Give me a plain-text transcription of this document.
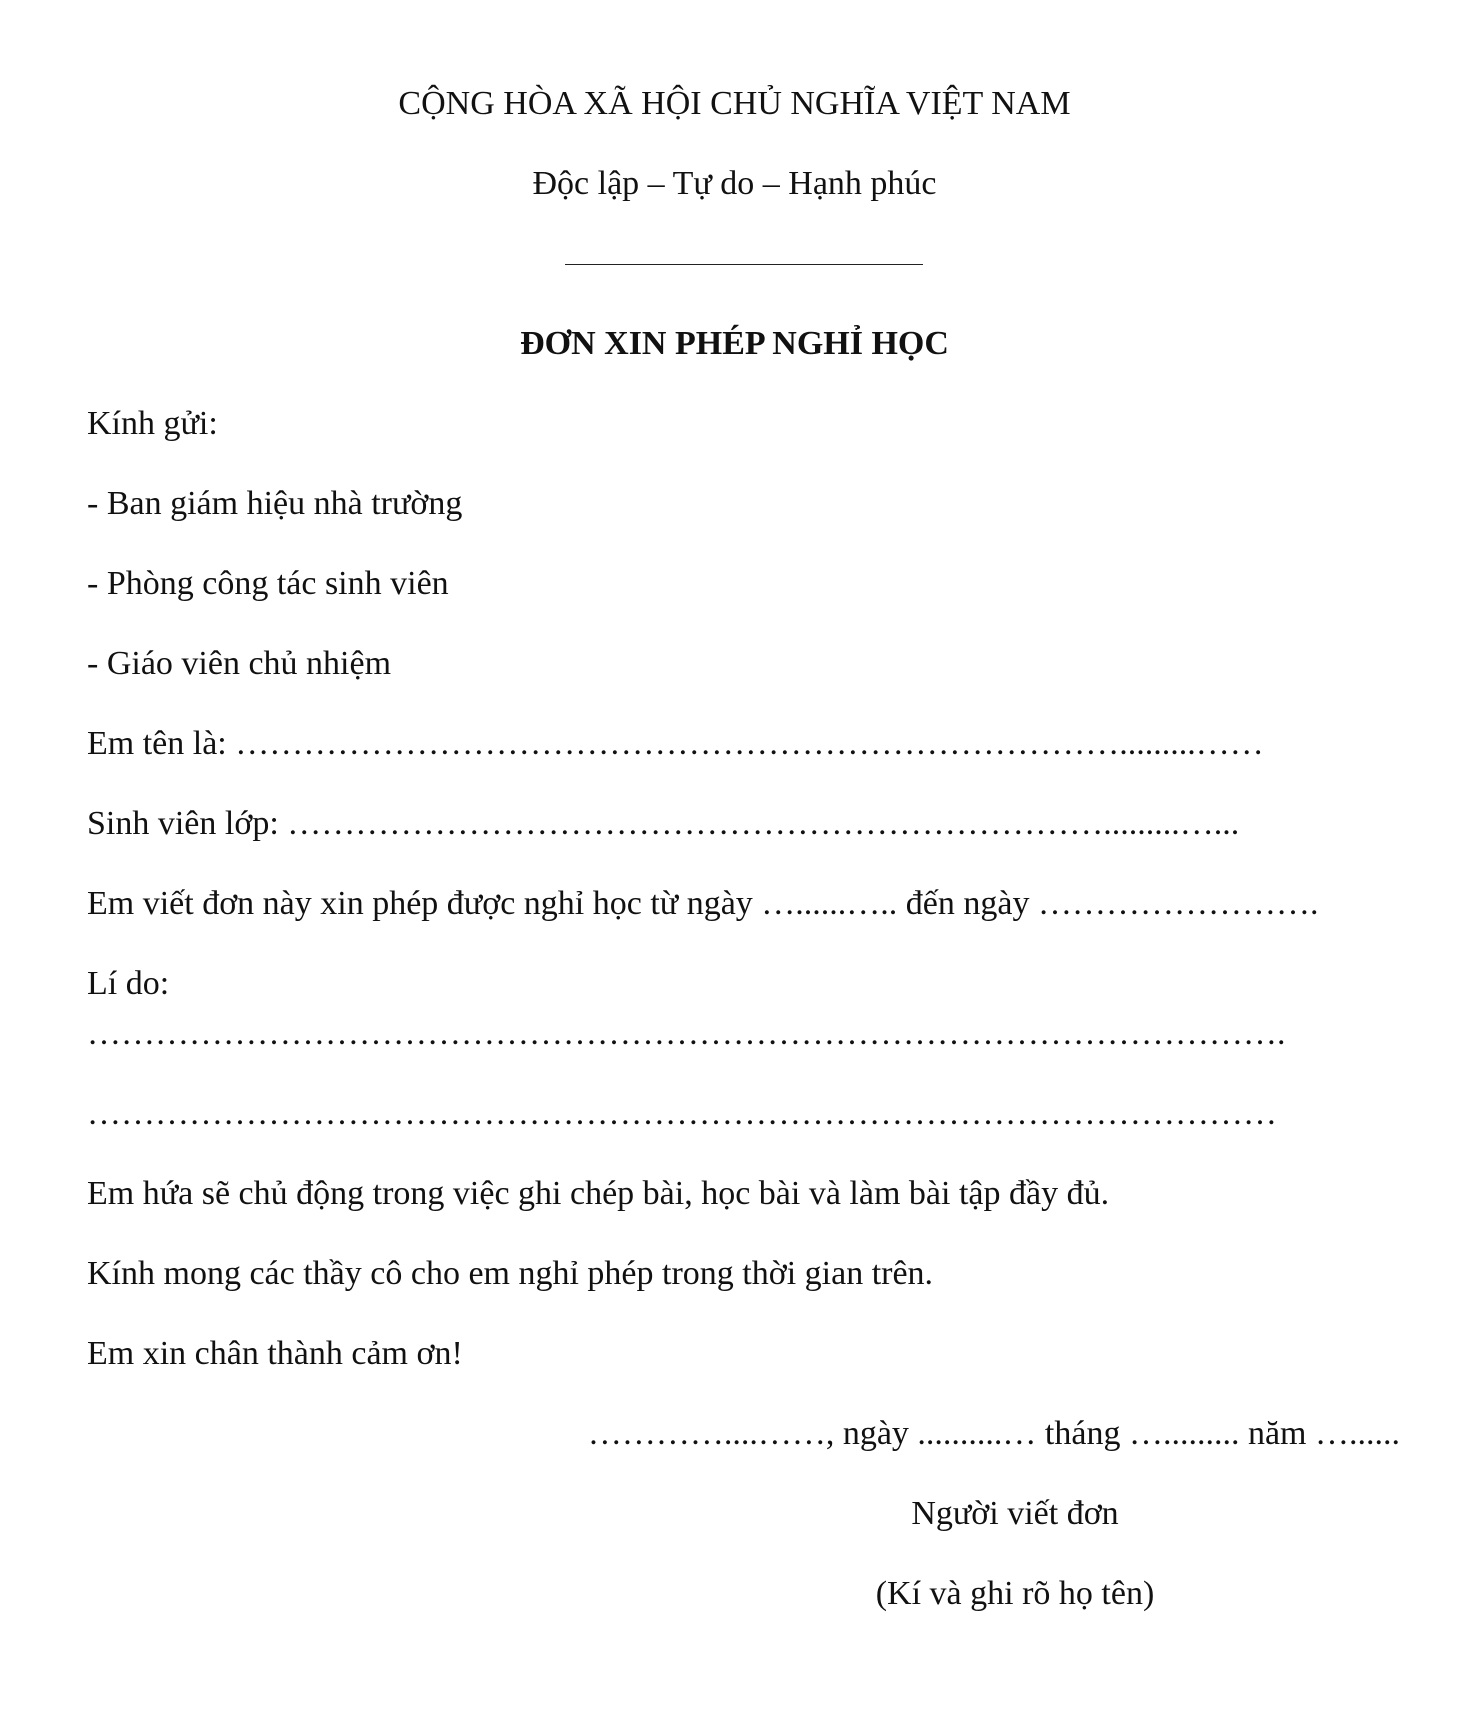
CỘNG HÒA XÃ HỘI CHỦ NGHĨA VIỆT NAM
Độc lập – Tự do – Hạnh phúc
ĐƠN XIN PHÉP NGHỈ HỌC
Kính gửi:
- Ban giám hiệu nhà trường
- Phòng công tác sinh viên
- Giáo viên chủ nhiệm
Em tên là: …………………………………………………………………….........……
Sinh viên lớp: ……………………………………………………………….........…...
Em viết đơn này xin phép được nghỉ học từ ngày …......….. đến ngày …………………….
Lí do:
…………………………………………………………………………………………….
……………………………………………………………………………………………
Em hứa sẽ chủ động trong việc ghi chép bài, học bài và làm bài tập đầy đủ.
Kính mong các thầy cô cho em nghỉ phép trong thời gian trên.
Em xin chân thành cảm ơn!
…………....……, ngày ..........… tháng …......... năm …......
Người viết đơn
(Kí và ghi rõ họ tên)
